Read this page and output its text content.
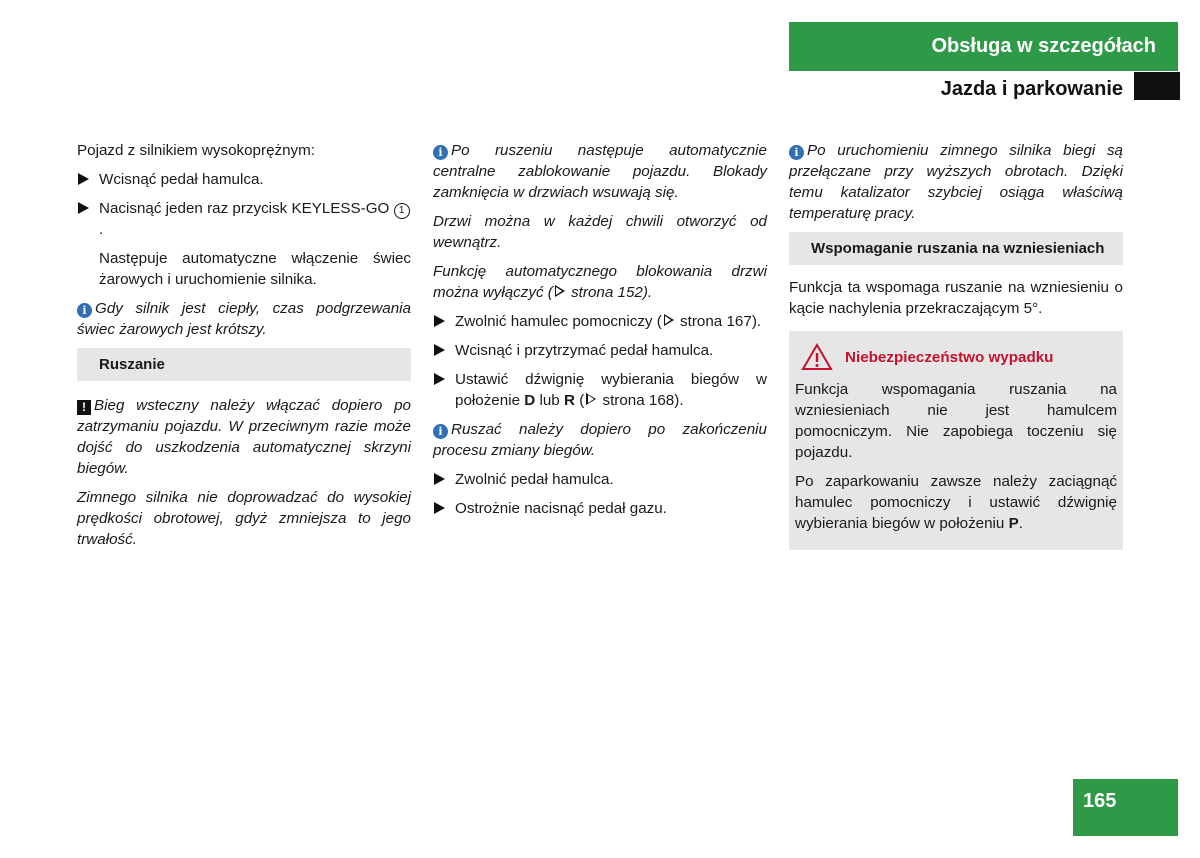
Obsługa w szczegółach
Jazda i parkowanie

Pojazd z silnikiem wysokoprężnym:

Wcisnąć pedał hamulca.
Nacisnąć jeden raz przycisk KEYLESS-GO 1.

Następuje automatyczne włączenie świec żarowych i uruchomienie silnika.

i Gdy silnik jest ciepły, czas podgrzewania świec żarowych jest krótszy.

Ruszanie

! Bieg wsteczny należy włączać dopiero po zatrzymaniu pojazdu. W przeciwnym razie może dojść do uszkodzenia automatycznej skrzyni biegów.

Zimnego silnika nie doprowadzać do wysokiej prędkości obrotowej, gdyż zmniejsza to jego trwałość.

i Po ruszeniu następuje automatycznie centralne zablokowanie pojazdu. Blokady zamknięcia w drzwiach wsuwają się.

Drzwi można w każdej chwili otworzyć od wewnątrz.

Funkcję automatycznego blokowania drzwi można wyłączyć ( strona 152).

Zwolnić hamulec pomocniczy ( strona 167).
Wcisnąć i przytrzymać pedał hamulca.
Ustawić dźwignię wybierania biegów w położenie D lub R ( strona 168).

i Ruszać należy dopiero po zakończeniu procesu zmiany biegów.

Zwolnić pedał hamulca.
Ostrożnie nacisnąć pedał gazu.

i Po uruchomieniu zimnego silnika biegi są przełączane przy wyższych obrotach. Dzięki temu katalizator szybciej osiąga właściwą temperaturę pracy.

Wspomaganie ruszania na wzniesieniach

Funkcja ta wspomaga ruszanie na wzniesieniu o kącie nachylenia przekraczającym 5°.

Niebezpieczeństwo wypadku

Funkcja wspomagania ruszania na wzniesieniach nie jest hamulcem pomocniczym. Nie zapobiega toczeniu się pojazdu.

Po zaparkowaniu zawsze należy zaciągnąć hamulec pomocniczy i ustawić dźwignię wybierania biegów w położeniu P.

165
